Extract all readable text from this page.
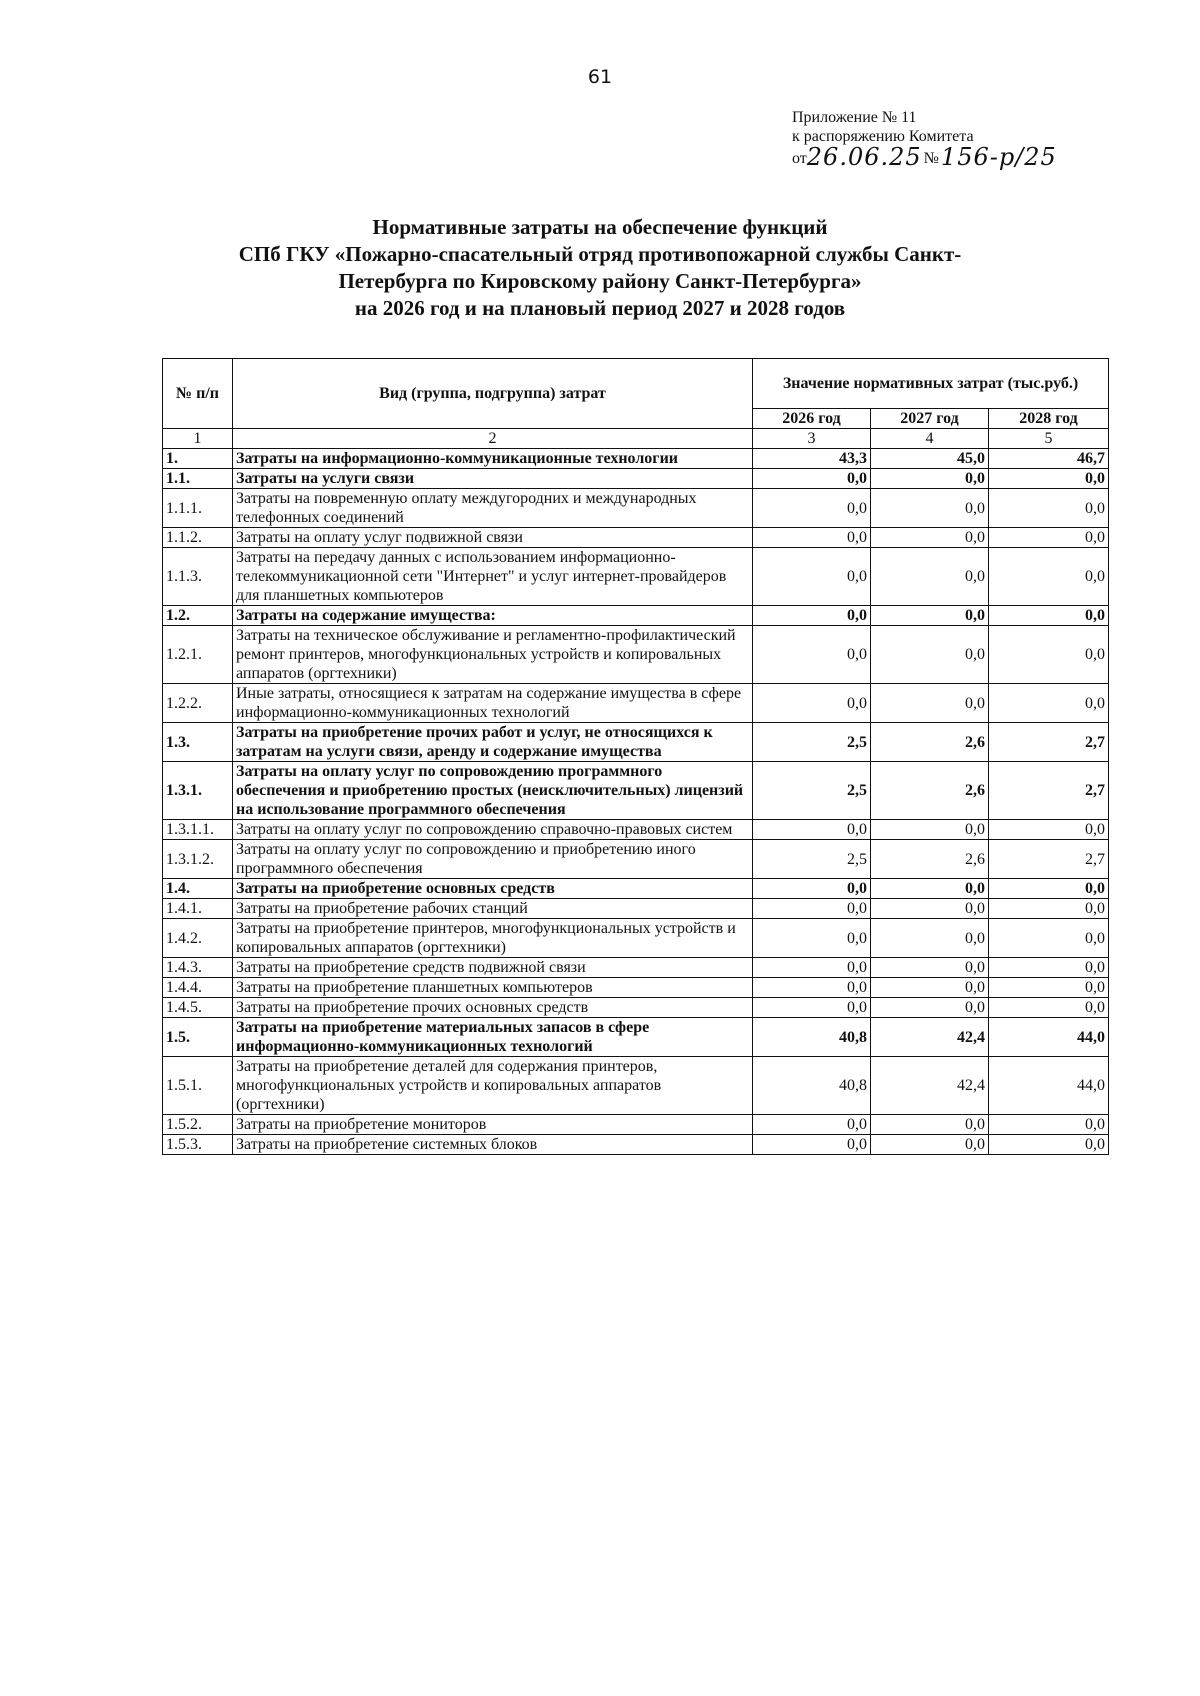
61
Приложение № 11
к распоряжению Комитета
от26.06.25 №156-р/25
Нормативные затраты на обеспечение функций
СПб ГКУ «Пожарно-спасательный отряд противопожарной службы Санкт-
Петербурга по Кировскому району Санкт-Петербурга»
на 2026 год и на плановый период 2027 и 2028 годов
№ п/п	Вид (группа, подгруппа) затрат	Значение нормативных затрат (тыс.руб.)		
		2026 год	2027 год	2028 год
1	2	3	4	5
1.	Затраты на информационно-коммуникационные технологии	43,3	45,0	46,7
1.1.	Затраты на услуги связи	0,0	0,0	0,0
1.1.1.	Затраты на повременную оплату междугородних и международных телефонных соединений	0,0	0,0	0,0
1.1.2.	Затраты на оплату услуг подвижной связи	0,0	0,0	0,0
1.1.3.	Затраты на передачу данных с использованием информационно-телекоммуникационной сети "Интернет" и услуг интернет-провайдеров для планшетных компьютеров	0,0	0,0	0,0
1.2.	Затраты на содержание имущества:	0,0	0,0	0,0
1.2.1.	Затраты на техническое обслуживание и регламентно-профилактический ремонт принтеров, многофункциональных устройств и копировальных аппаратов (оргтехники)	0,0	0,0	0,0
1.2.2.	Иные затраты, относящиеся к затратам на содержание имущества в сфере информационно-коммуникационных технологий	0,0	0,0	0,0
1.3.	Затраты на приобретение прочих работ и услуг, не относящихся к затратам на услуги связи, аренду и содержание имущества	2,5	2,6	2,7
1.3.1.	Затраты на оплату услуг по сопровождению программного обеспечения и приобретению простых (неисключительных) лицензий на использование программного обеспечения	2,5	2,6	2,7
1.3.1.1.	Затраты на оплату услуг по сопровождению справочно-правовых систем	0,0	0,0	0,0
1.3.1.2.	Затраты на оплату услуг по сопровождению и приобретению иного программного обеспечения	2,5	2,6	2,7
1.4.	Затраты на приобретение основных средств	0,0	0,0	0,0
1.4.1.	Затраты на приобретение рабочих станций	0,0	0,0	0,0
1.4.2.	Затраты на приобретение принтеров, многофункциональных устройств и копировальных аппаратов (оргтехники)	0,0	0,0	0,0
1.4.3.	Затраты на приобретение средств подвижной связи	0,0	0,0	0,0
1.4.4.	Затраты на приобретение планшетных компьютеров	0,0	0,0	0,0
1.4.5.	Затраты на приобретение прочих основных средств	0,0	0,0	0,0
1.5.	Затраты на приобретение материальных запасов в сфере информационно-коммуникационных технологий	40,8	42,4	44,0
1.5.1.	Затраты на приобретение деталей для содержания принтеров, многофункциональных устройств и копировальных аппаратов (оргтехники)	40,8	42,4	44,0
1.5.2.	Затраты на приобретение мониторов	0,0	0,0	0,0
1.5.3.	Затраты на приобретение системных блоков	0,0	0,0	0,0
